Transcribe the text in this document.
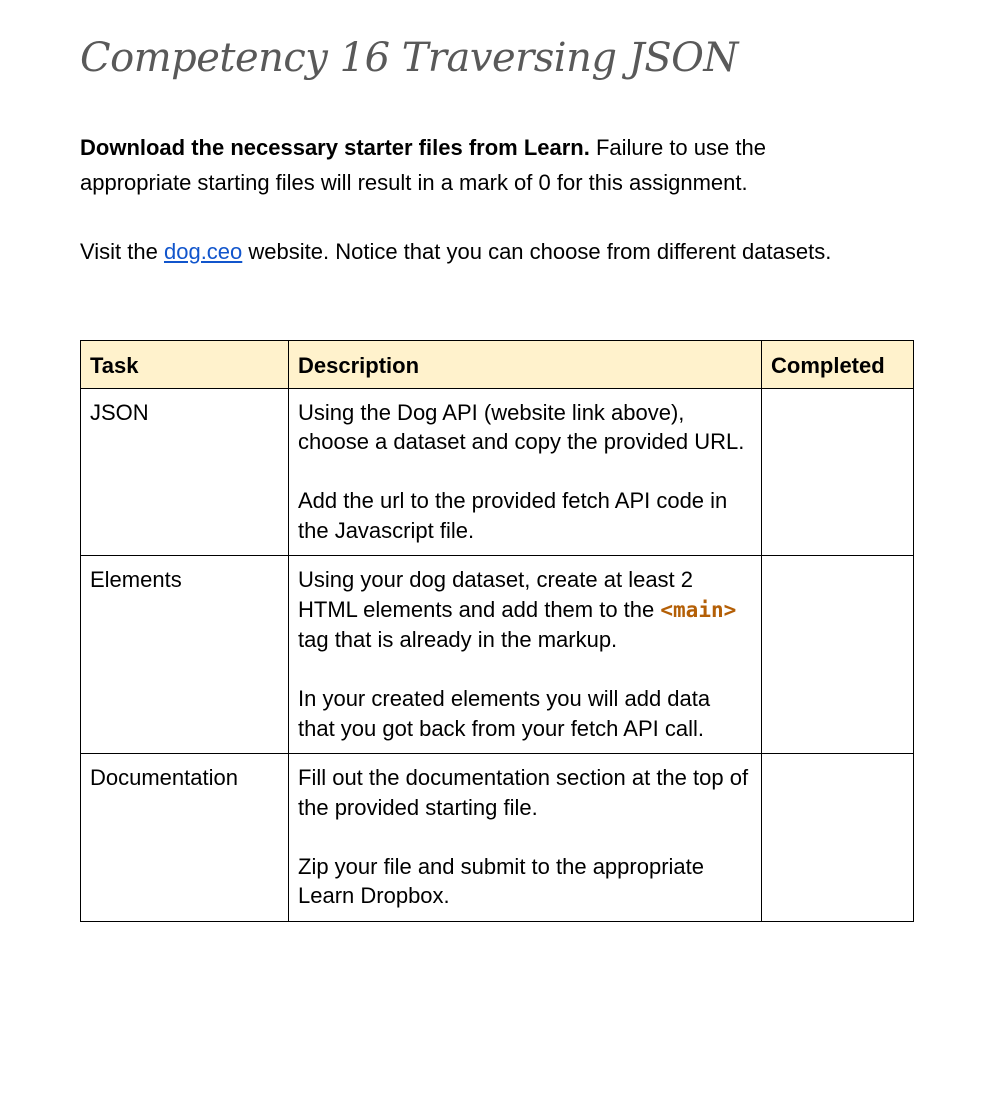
Competency 16 Traversing JSON

Download the necessary starter files from Learn. Failure to use the appropriate starting files will result in a mark of 0 for this assignment.

Visit the dog.ceo website. Notice that you can choose from different datasets.

Task	Description	Completed
JSON	Using the Dog API (website link above), choose a dataset and copy the provided URL.

Add the url to the provided fetch API code in the Javascript file.	

Elements	Using your dog dataset, create at least 2 HTML elements and add them to the <main> tag that is already in the markup.

In your created elements you will add data that you got back from your fetch API call.	

Documentation	Fill out the documentation section at the top of the provided starting file.

Zip your file and submit to the appropriate Learn Dropbox.	
